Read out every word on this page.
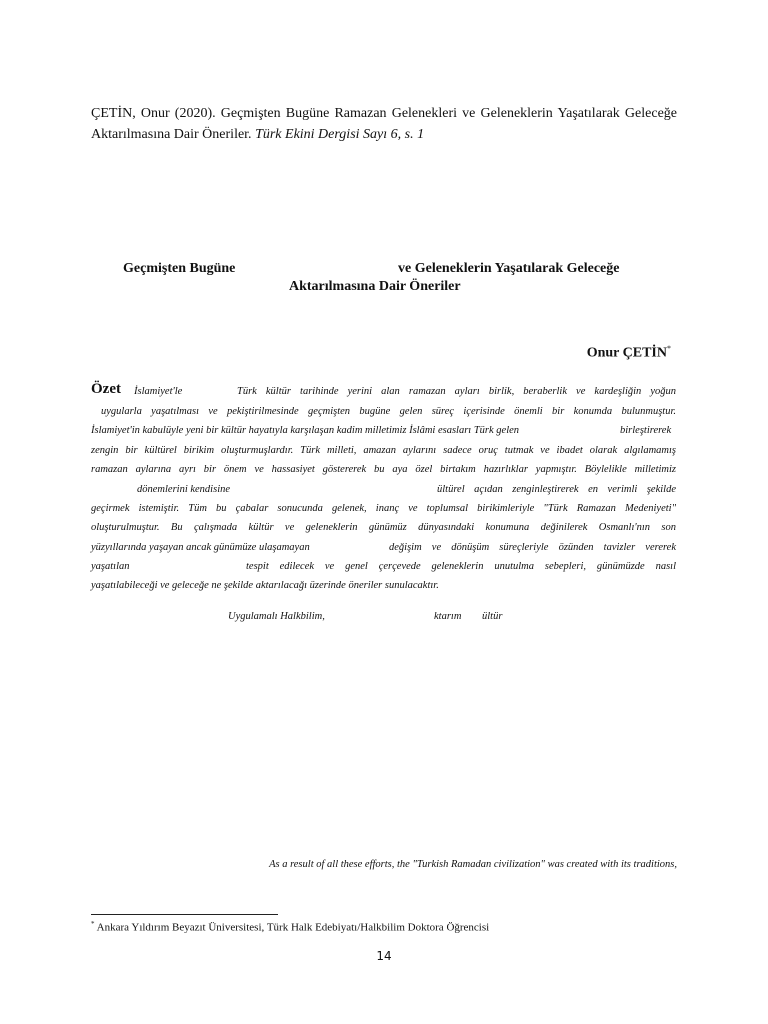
ÇETİN, Onur (2020). Geçmişten Bugüne Ramazan Gelenekleri ve Geleneklerin Yaşatılarak Geleceğe Aktarılmasına Dair Öneriler. Türk Ekini Dergisi Sayı 6, s. 1

Geçmişten Bugüne	ve Geleneklerin Yaşatılarak Geleceğe
Aktarılmasına Dair Öneriler
Onur ÇETİN*
Özet İslamiyet'le	Türk kültür tarihinde yerini alan ramazan ayları birlik, beraberlik ve kardeşliğin yoğun
uygularla yaşatılması ve pekiştirilmesinde geçmişten bugüne gelen süreç içerisinde önemli bir konumda bulunmuştur.
İslamiyet'in kabulüyle yeni bir kültür hayatıyla karşılaşan kadim milletimiz İslâmi esasları Türk gelen	birleştirerek
zengin bir kültürel birikim oluşturmuşlardır. Türk milleti, amazan aylarını sadece oruç tutmak ve ibadet olarak algılamamış
ramazan aylarına ayrı bir önem ve hassasiyet göstererek bu aya özel birtakım hazırlıklar yapmıştır. Böylelikle milletimiz
dönemlerini kendisine	ültürel açıdan zenginleştirerek en verimli şekilde
geçirmek istemiştir. Tüm bu çabalar sonucunda gelenek, inanç ve toplumsal birikimleriyle "Türk Ramazan Medeniyeti"
oluşturulmuştur. Bu çalışmada kültür ve geleneklerin günümüz dünyasındaki konumuna değinilerek Osmanlı'nın son
yüzyıllarında yaşayan ancak günümüze ulaşamayan	değişim ve dönüşüm süreçleriyle özünden tavizler vererek
yaşatılan	tespit edilecek ve genel çerçevede geleneklerin unutulma sebepleri, günümüzde nasıl
yaşatılabileceği ve geleceğe ne şekilde aktarılacağı üzerinde öneriler sunulacaktır.
Uygulamalı Halkbilim,	ktarım ültür
As a result of all these efforts, the "Turkish Ramadan civilization" was created with its traditions,
* Ankara Yıldırım Beyazıt Üniversitesi, Türk Halk Edebiyatı/Halkbilim Doktora Öğrencisi
14
